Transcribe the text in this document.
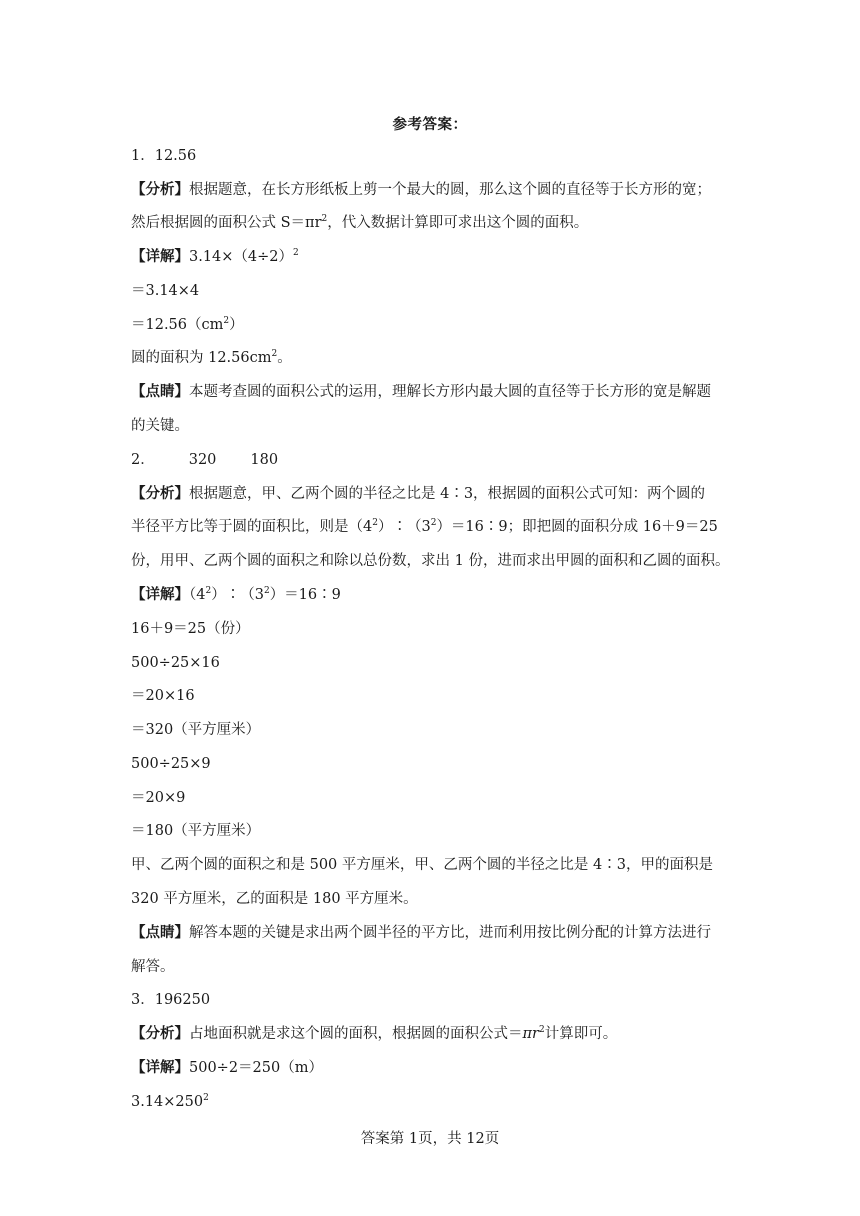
参考答案：
1．12.56
【分析】根据题意，在长方形纸板上剪一个最大的圆，那么这个圆的直径等于长方形的宽；
然后根据圆的面积公式 $S=\pi r^2$，代入数据计算即可求出这个圆的面积。
【详解】$3.14\times(4\div 2)^2$
＝3.14×4
$=12.56(cm^2)$
圆的面积为 $12.56cm^2$。
【点睛】本题考查圆的面积公式的运用，理解长方形内最大圆的直径等于长方形的宽是解题
的关键。
2． 320 180
【分析】根据题意，甲、乙两个圆的半径之比是 4∶3，根据圆的面积公式可知：两个圆的
半径平方比等于圆的面积比，则是$(4^2)∶(3^2)=16∶9$；即把圆的面积分成 16＋9＝25
份，用甲、乙两个圆的面积之和除以总份数，求出 1 份，进而求出甲圆的面积和乙圆的面积。
【详解】$(4^2)∶(3^2)=16∶9$
16＋9＝25（份）
500÷25×16
＝20×16
＝320（平方厘米）
500÷25×9
＝20×9
＝180（平方厘米）
甲、乙两个圆的面积之和是 500 平方厘米，甲、乙两个圆的半径之比是 4∶3，甲的面积是
320 平方厘米，乙的面积是 180 平方厘米。
【点睛】解答本题的关键是求出两个圆半径的平方比，进而利用按比例分配的计算方法进行
解答。
3．196250
【分析】占地面积就是求这个圆的面积，根据圆的面积公式$=\pi r^2$计算即可。
【详解】500÷2＝250（m）
$3.14\times 250^2$
答案第 1页，共 12页
